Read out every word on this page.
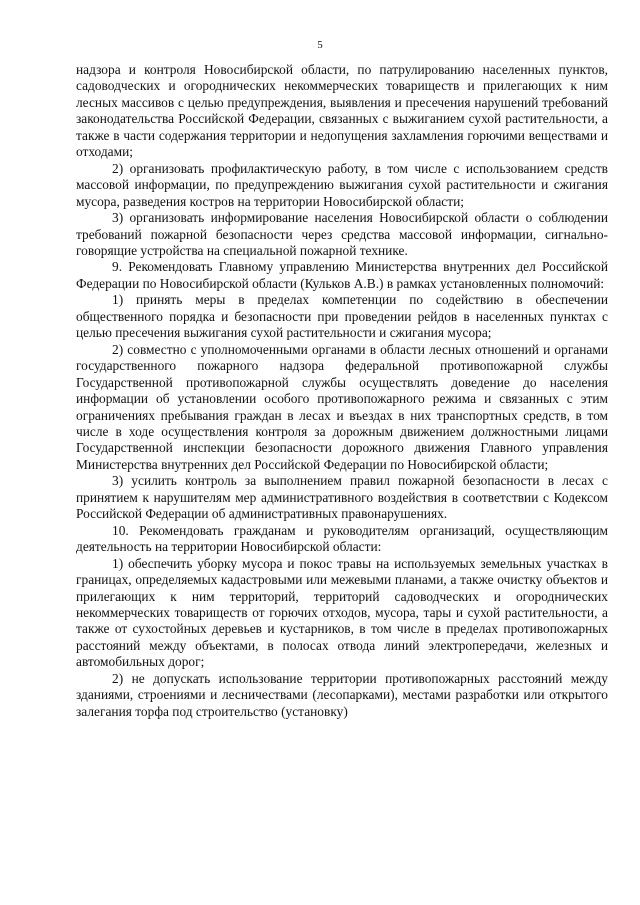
5

надзора и контроля Новосибирской области, по патрулированию населенных пунктов, садоводческих и огороднических некоммерческих товариществ и прилегающих к ним лесных массивов с целью предупреждения, выявления и пресечения нарушений требований законодательства Российской Федерации, связанных с выжиганием сухой растительности, а также в части содержания территории и недопущения захламления горючими веществами и отходами;

2) организовать профилактическую работу, в том числе с использованием средств массовой информации, по предупреждению выжигания сухой растительности и сжигания мусора, разведения костров на территории Новосибирской области;

3) организовать информирование населения Новосибирской области о соблюдении требований пожарной безопасности через средства массовой информации, сигнально-говорящие устройства на специальной пожарной технике.

9. Рекомендовать Главному управлению Министерства внутренних дел Российской Федерации по Новосибирской области (Кульков А.В.) в рамках установленных полномочий:

1) принять меры в пределах компетенции по содействию в обеспечении общественного порядка и безопасности при проведении рейдов в населенных пунктах с целью пресечения выжигания сухой растительности и сжигания мусора;

2) совместно с уполномоченными органами в области лесных отношений и органами государственного пожарного надзора федеральной противопожарной службы Государственной противопожарной службы осуществлять доведение до населения информации об установлении особого противопожарного режима и связанных с этим ограничениях пребывания граждан в лесах и въездах в них транспортных средств, в том числе в ходе осуществления контроля за дорожным движением должностными лицами Государственной инспекции безопасности дорожного движения Главного управления Министерства внутренних дел Российской Федерации по Новосибирской области;

3) усилить контроль за выполнением правил пожарной безопасности в лесах с принятием к нарушителям мер административного воздействия в соответствии с Кодексом Российской Федерации об административных правонарушениях.

10. Рекомендовать гражданам и руководителям организаций, осуществляющим деятельность на территории Новосибирской области:

1) обеспечить уборку мусора и покос травы на используемых земельных участках в границах, определяемых кадастровыми или межевыми планами, а также очистку объектов и прилегающих к ним территорий, территорий садоводческих и огороднических некоммерческих товариществ от горючих отходов, мусора, тары и сухой растительности, а также от сухостойных деревьев и кустарников, в том числе в пределах противопожарных расстояний между объектами, в полосах отвода линий электропередачи, железных и автомобильных дорог;

2) не допускать использование территории противопожарных расстояний между зданиями, строениями и лесничествами (лесопарками), местами разработки или открытого залегания торфа под строительство (установку)
